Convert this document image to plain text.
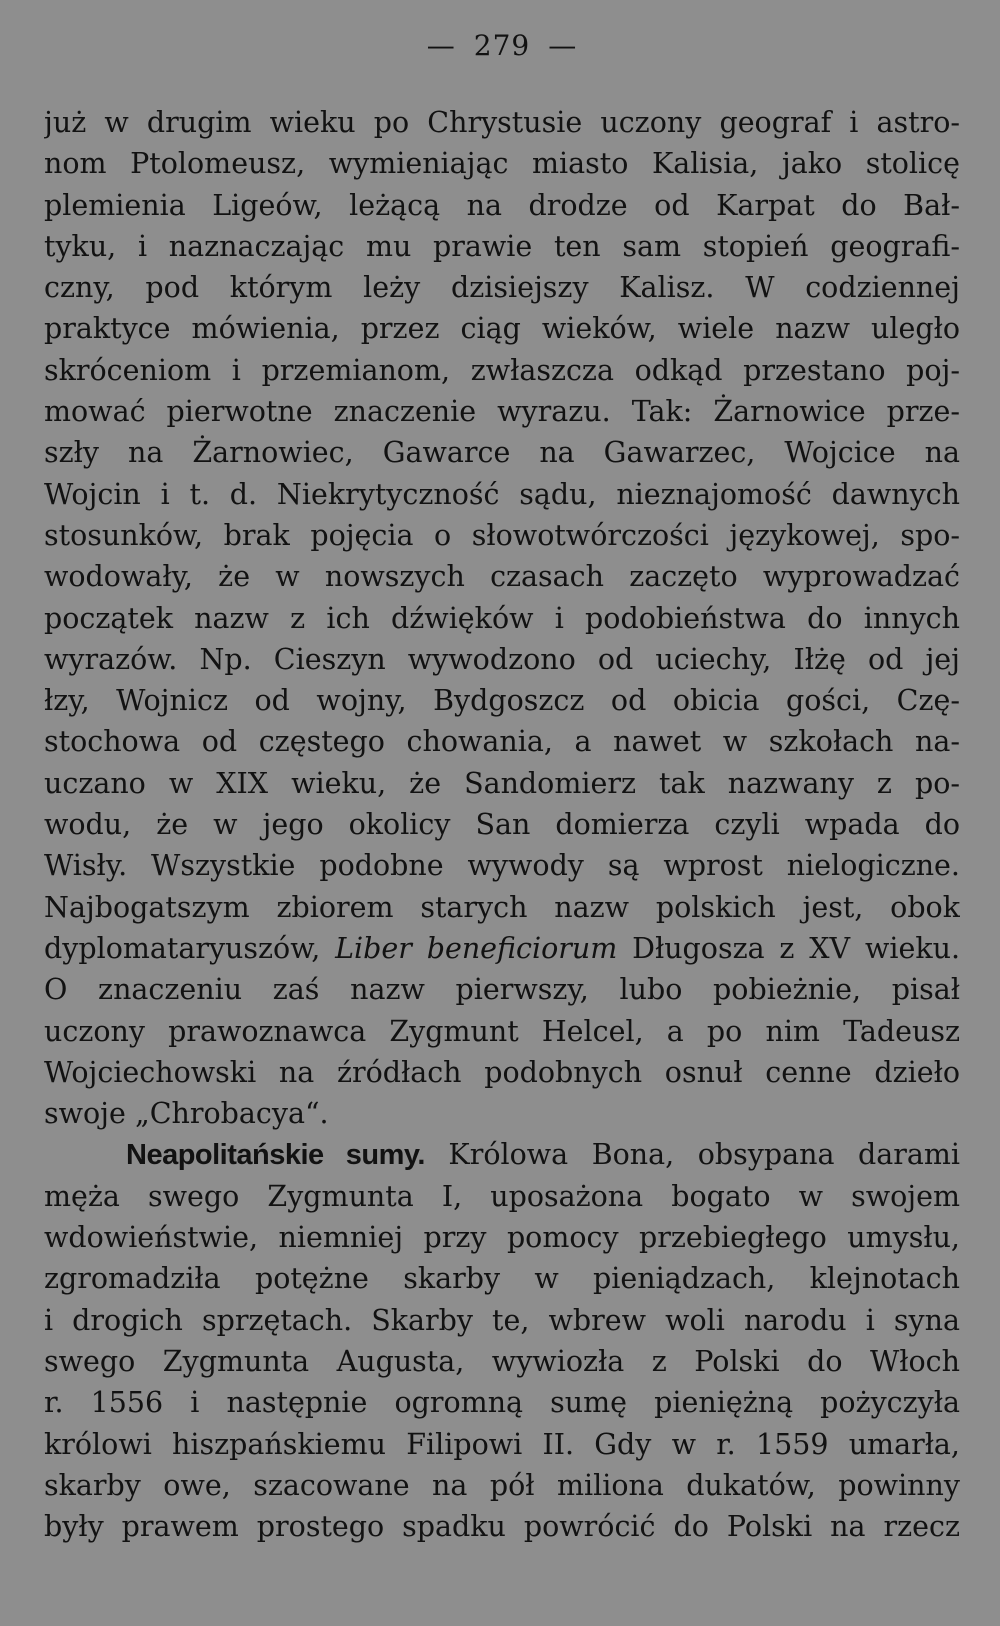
— 279 —
już w drugim wieku po Chrystusie uczony geograf i astro-
nom Ptolomeusz, wymieniając miasto Kalisia, jako stolicę
plemienia Ligeów, leżącą na drodze od Karpat do Bał-
tyku, i naznaczając mu prawie ten sam stopień geografi-
czny, pod którym leży dzisiejszy Kalisz. W codziennej
praktyce mówienia, przez ciąg wieków, wiele nazw uległo
skróceniom i przemianom, zwłaszcza odkąd przestano poj-
mować pierwotne znaczenie wyrazu. Tak: Żarnowice prze-
szły na Żarnowiec, Gawarce na Gawarzec, Wojcice na
Wojcin i t. d. Niekrytyczność sądu, nieznajomość dawnych
stosunków, brak pojęcia o słowotwórczości językowej, spo-
wodowały, że w nowszych czasach zaczęto wyprowadzać
początek nazw z ich dźwięków i podobieństwa do innych
wyrazów. Np. Cieszyn wywodzono od uciechy, Iłżę od jej
łzy, Wojnicz od wojny, Bydgoszcz od obicia gości, Czę-
stochowa od częstego chowania, a nawet w szkołach na-
uczano w XIX wieku, że Sandomierz tak nazwany z po-
wodu, że w jego okolicy San domierza czyli wpada do
Wisły. Wszystkie podobne wywody są wprost nielogiczne.
Najbogatszym zbiorem starych nazw polskich jest, obok
dyplomataryuszów, Liber beneficiorum Długosza z XV wieku.
O znaczeniu zaś nazw pierwszy, lubo pobieżnie, pisał
uczony prawoznawca Zygmunt Helcel, a po nim Tadeusz
Wojciechowski na źródłach podobnych osnuł cenne dzieło
swoje „Chrobacya“.
Neapolitańskie sumy. Królowa Bona, obsypana darami
męża swego Zygmunta I, uposażona bogato w swojem
wdowieństwie, niemniej przy pomocy przebiegłego umysłu,
zgromadziła potężne skarby w pieniądzach, klejnotach
i drogich sprzętach. Skarby te, wbrew woli narodu i syna
swego Zygmunta Augusta, wywiozła z Polski do Włoch
r. 1556 i następnie ogromną sumę pieniężną pożyczyła
królowi hiszpańskiemu Filipowi II. Gdy w r. 1559 umarła,
skarby owe, szacowane na pół miliona dukatów, powinny
były prawem prostego spadku powrócić do Polski na rzecz
